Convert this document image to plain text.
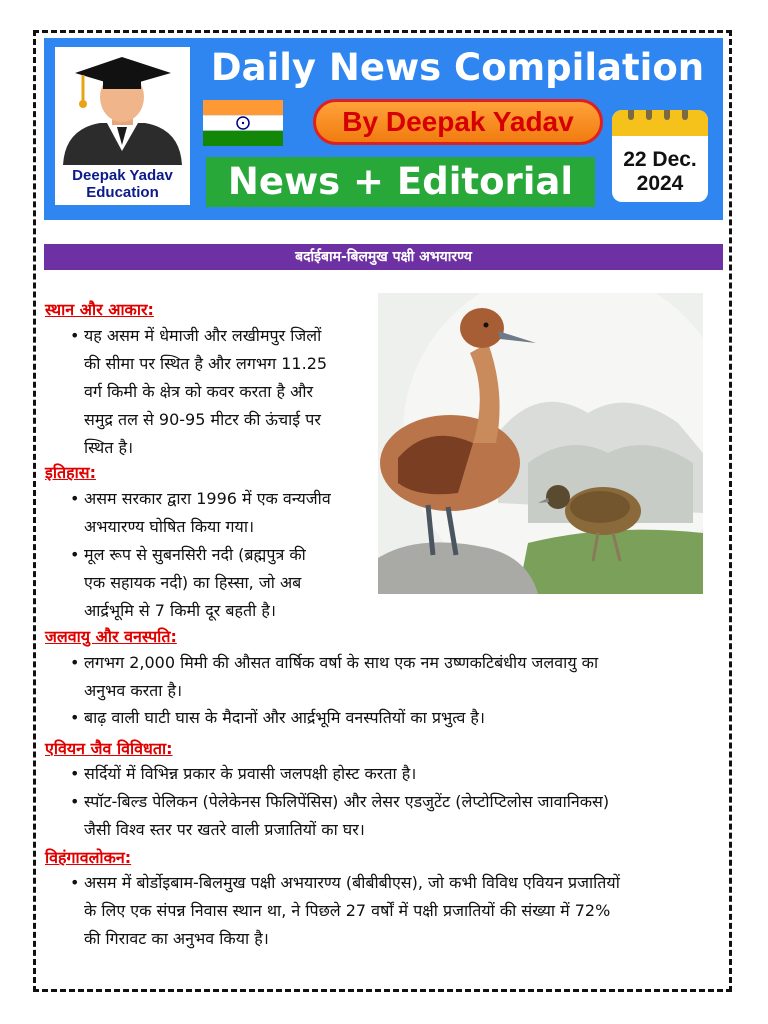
Deepak Yadav
Education
Daily News Compilation
By Deepak Yadav
News + Editorial
22 Dec.
2024
बर्दाईबाम-बिलमुख पक्षी अभयारण्य
स्थान और आकार:
• यह असम में धेमाजी और लखीमपुर जिलों
की सीमा पर स्थित है और लगभग 11.25
वर्ग किमी के क्षेत्र को कवर करता है और
समुद्र तल से 90-95 मीटर की ऊंचाई पर
स्थित है।
इतिहास:
• असम सरकार द्वारा 1996 में एक वन्यजीव
अभयारण्य घोषित किया गया।
• मूल रूप से सुबनसिरी नदी (ब्रह्मपुत्र की
एक सहायक नदी) का हिस्सा, जो अब
आर्द्रभूमि से 7 किमी दूर बहती है।
जलवायु और वनस्पति:
• लगभग 2,000 मिमी की औसत वार्षिक वर्षा के साथ एक नम उष्णकटिबंधीय जलवायु का
अनुभव करता है।
• बाढ़ वाली घाटी घास के मैदानों और आर्द्रभूमि वनस्पतियों का प्रभुत्व है।
एवियन जैव विविधता:
• सर्दियों में विभिन्न प्रकार के प्रवासी जलपक्षी होस्ट करता है।
• स्पॉट-बिल्ड पेलिकन (पेलेकेनस फिलिपेंसिस) और लेसर एडजुटेंट (लेप्टोप्टिलोस जावानिकस)
जैसी विश्व स्तर पर खतरे वाली प्रजातियों का घर।
विहंगावलोकन:
• असम में बोर्डोइबाम-बिलमुख पक्षी अभयारण्य (बीबीबीएस), जो कभी विविध एवियन प्रजातियों
के लिए एक संपन्न निवास स्थान था, ने पिछले 27 वर्षों में पक्षी प्रजातियों की संख्या में 72%
की गिरावट का अनुभव किया है।
